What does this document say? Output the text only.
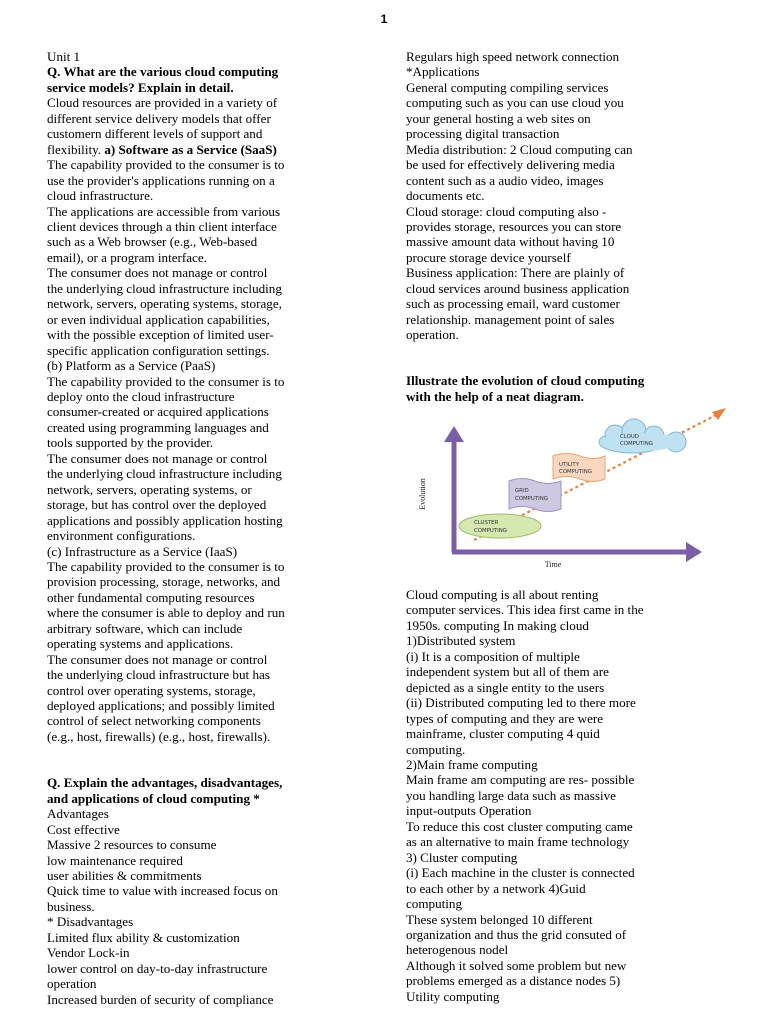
1

Unit 1

Q. What are the various cloud computing

service models? Explain in detail.

Cloud resources are provided in a variety of

different service delivery models that offer

customern different levels of support and

flexibility. a) Software as a Service (SaaS)

The capability provided to the consumer is to

use the provider's applications running on a

cloud infrastructure.

The applications are accessible from various

client devices through a thin client interface

such as a Web browser (e.g., Web-based

email), or a program interface.

The consumer does not manage or control

the underlying cloud infrastructure including

network, servers, operating systems, storage,

or even individual application capabilities,

with the possible exception of limited user-

specific application configuration settings.

(b) Platform as a Service (PaaS)

The capability provided to the consumer is to

deploy onto the cloud infrastructure

consumer-created or acquired applications

created using programming languages and

tools supported by the provider.

The consumer does not manage or control

the underlying cloud infrastructure including

network, servers, operating systems, or

storage, but has control over the deployed

applications and possibly application hosting

environment configurations.

(c) Infrastructure as a Service (IaaS)

The capability provided to the consumer is to

provision processing, storage, networks, and

other fundamental computing resources

where the consumer is able to deploy and run

arbitrary software, which can include

operating systems and applications.

The consumer does not manage or control

the underlying cloud infrastructure but has

control over operating systems, storage,

deployed applications; and possibly limited

control of select networking components

(e.g., host, firewalls) (e.g., host, firewalls).

Q. Explain the advantages, disadvantages,

and applications of cloud computing *

Advantages

Cost effective

Massive 2 resources to consume

low maintenance required

user abilities & commitments

Quick time to value with increased focus on

business.

* Disadvantages

Limited flux ability & customization

Vendor Lock-in

lower control on day-to-day infrastructure

operation

Increased burden of security of compliance

Regulars high speed network connection

*Applications

General computing compiling services

computing such as you can use cloud you

your general hosting a web sites on

processing digital transaction

Media distribution: 2 Cloud computing can

be used for effectively delivering media

content such as a audio video, images

documents etc.

Cloud storage: cloud computing also -

provides storage, resources you can store

massive amount data without having 10

procure storage device yourself

Business application: There are plainly of

cloud services around business application

such as processing email, ward customer

relationship. management point of sales

operation.

Illustrate the evolution of cloud computing

with the help of a neat diagram.

Evolution
Time
CLUSTER
COMPUTING
GRID
COMPUTING
UTILITY
COMPUTING
CLOUD
COMPUTING

Cloud computing is all about renting

computer services. This idea first came in the

1950s. computing In making cloud

1)Distributed system

(i) It is a composition of multiple

independent system but all of them are

depicted as a single entity to the users

(ii) Distributed computing led to there more

types of computing and they are were

mainframe, cluster computing 4 quid

computing.

2)Main frame computing

Main frame am computing are res- possible

you handling large data such as massive

input-outputs Operation

To reduce this cost cluster computing came

as an alternative to main frame technology

3) Cluster computing

(i) Each machine in the cluster is connected

to each other by a network 4)Guid

computing

These system belonged 10 different

organization and thus the grid consuted of

heterogenous nodel

Although it solved some problem but new

problems emerged as a distance nodes 5)

Utility computing
